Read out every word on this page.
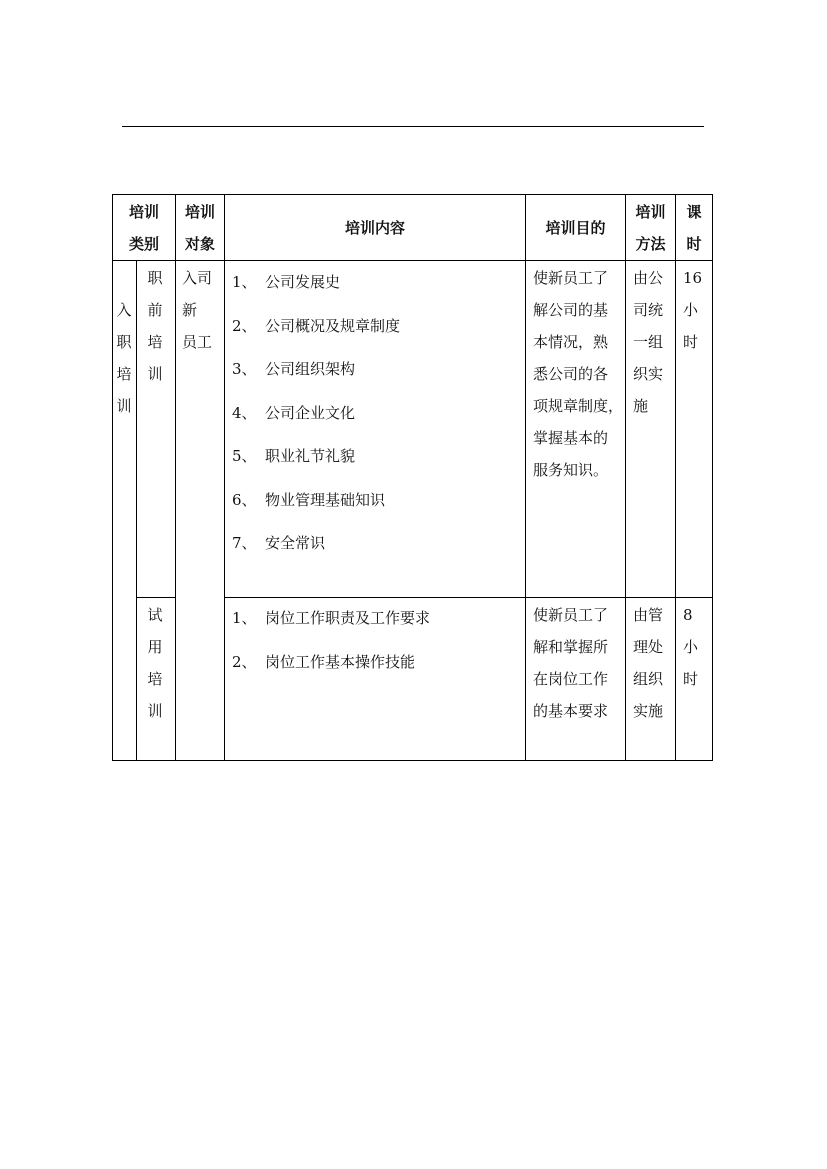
培训
类别
培训
对象
培训内容	培训目的
培训
方法
课
时
入
职
培
训
入司
新
员工
职
前
培
训
1、 公司发展史
2、 公司概况及规章制度
3、 公司组织架构
4、 公司企业文化
5、 职业礼节礼貌
6、 物业管理基础知识
7、 安全常识
使新员工了
解公司的基
本情况，熟
悉公司的各
项规章制度，
掌握基本的
服务知识。
由公
司统
一组
织实
施
16
小
时
试
用
培
训
1、 岗位工作职责及工作要求
2、 岗位工作基本操作技能
使新员工了
解和掌握所
在岗位工作
的基本要求
由管
理处
组织
实施
8
小
时
